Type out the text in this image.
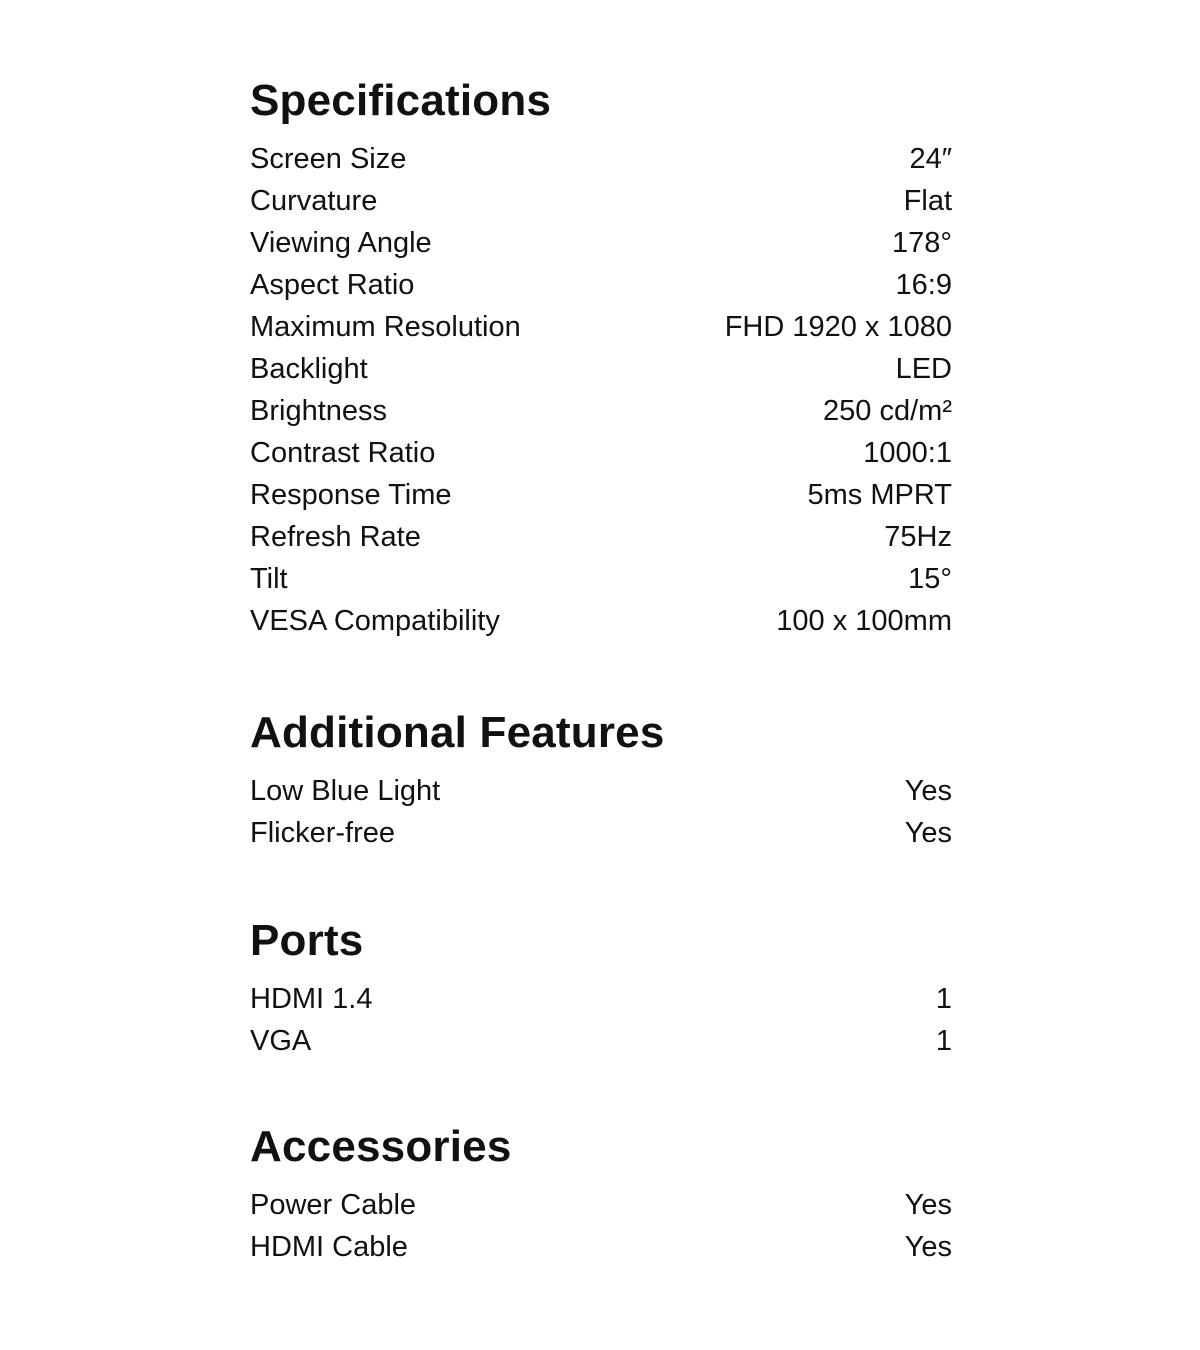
Specifications
Screen Size	24″
Curvature	Flat
Viewing Angle	178°
Aspect Ratio	16:9
Maximum Resolution	FHD 1920 x 1080
Backlight	LED
Brightness	250 cd/m²
Contrast Ratio	1000:1
Response Time	5ms MPRT
Refresh Rate	75Hz
Tilt	15°
VESA Compatibility	100 x 100mm
Additional Features
Low Blue Light	Yes
Flicker-free	Yes
Ports
HDMI 1.4	1
VGA	1
Accessories
Power Cable	Yes
HDMI Cable	Yes
